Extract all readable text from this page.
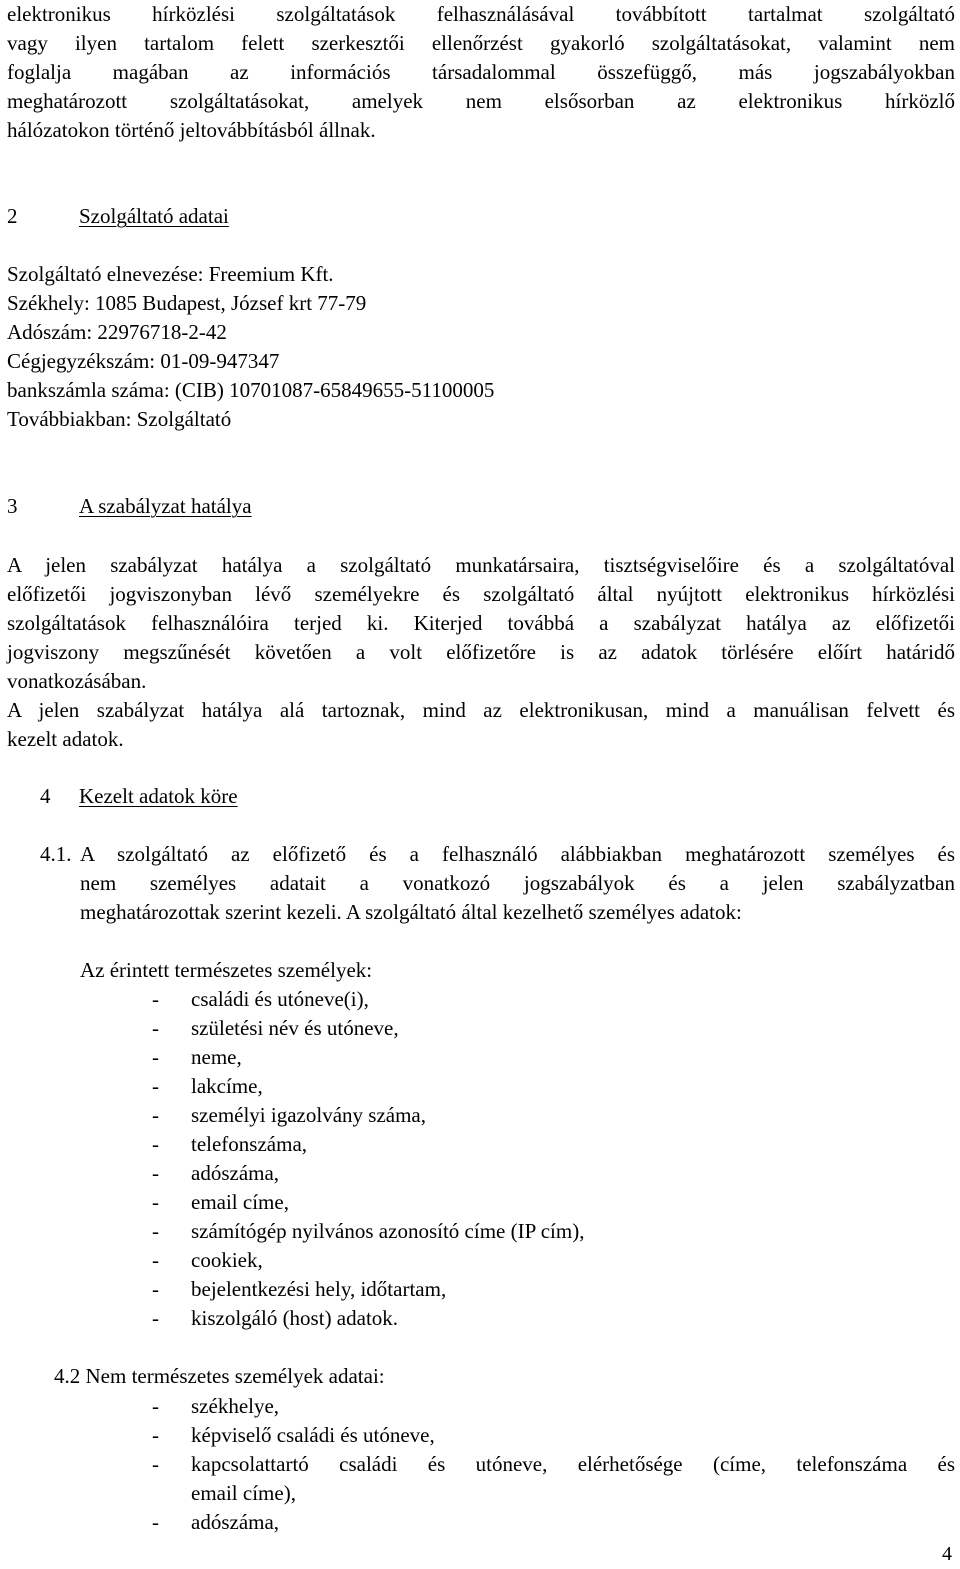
elektronikus hírközlési szolgáltatások felhasználásával továbbított tartalmat szolgáltató
vagy ilyen tartalom felett szerkesztői ellenőrzést gyakorló szolgáltatásokat, valamint nem
foglalja magában az információs társadalommal összefüggő, más jogszabályokban
meghatározott szolgáltatásokat, amelyek nem elsősorban az elektronikus hírközlő
hálózatokon történő jeltovábbításból állnak.
2	Szolgáltató adatai
Szolgáltató elnevezése: Freemium Kft.
Székhely: 1085 Budapest, József krt 77-79
Adószám: 22976718-2-42
Cégjegyzékszám: 01-09-947347
bankszámla száma: (CIB) 10701087-65849655-51100005
Továbbiakban: Szolgáltató
3	A szabályzat hatálya
A jelen szabályzat hatálya a szolgáltató munkatársaira, tisztségviselőire és a szolgáltatóval
előfizetői jogviszonyban lévő személyekre és szolgáltató által nyújtott elektronikus hírközlési
szolgáltatások felhasználóira terjed ki. Kiterjed továbbá a szabályzat hatálya az előfizetői
jogviszony megszűnését követően a volt előfizetőre is az adatok törlésére előírt határidő
vonatkozásában.
A jelen szabályzat hatálya alá tartoznak, mind az elektronikusan, mind a manuálisan felvett és
kezelt adatok.
4 Kezelt adatok köre
4.1. A szolgáltató az előfizető és a felhasználó alábbiakban meghatározott személyes és
nem személyes adatait a vonatkozó jogszabályok és a jelen szabályzatban
meghatározottak szerint kezeli. A szolgáltató által kezelhető személyes adatok:
Az érintett természetes személyek:
- családi és utóneve(i),
- születési név és utóneve,
- neme,
- lakcíme,
- személyi igazolvány száma,
- telefonszáma,
- adószáma,
- email címe,
- számítógép nyilvános azonosító címe (IP cím),
- cookiek,
- bejelentkezési hely, időtartam,
- kiszolgáló (host) adatok.
4.2 Nem természetes személyek adatai:
- székhelye,
- képviselő családi és utóneve,
- kapcsolattartó családi és utóneve, elérhetősége (címe, telefonszáma és
email címe),
- adószáma,
4
